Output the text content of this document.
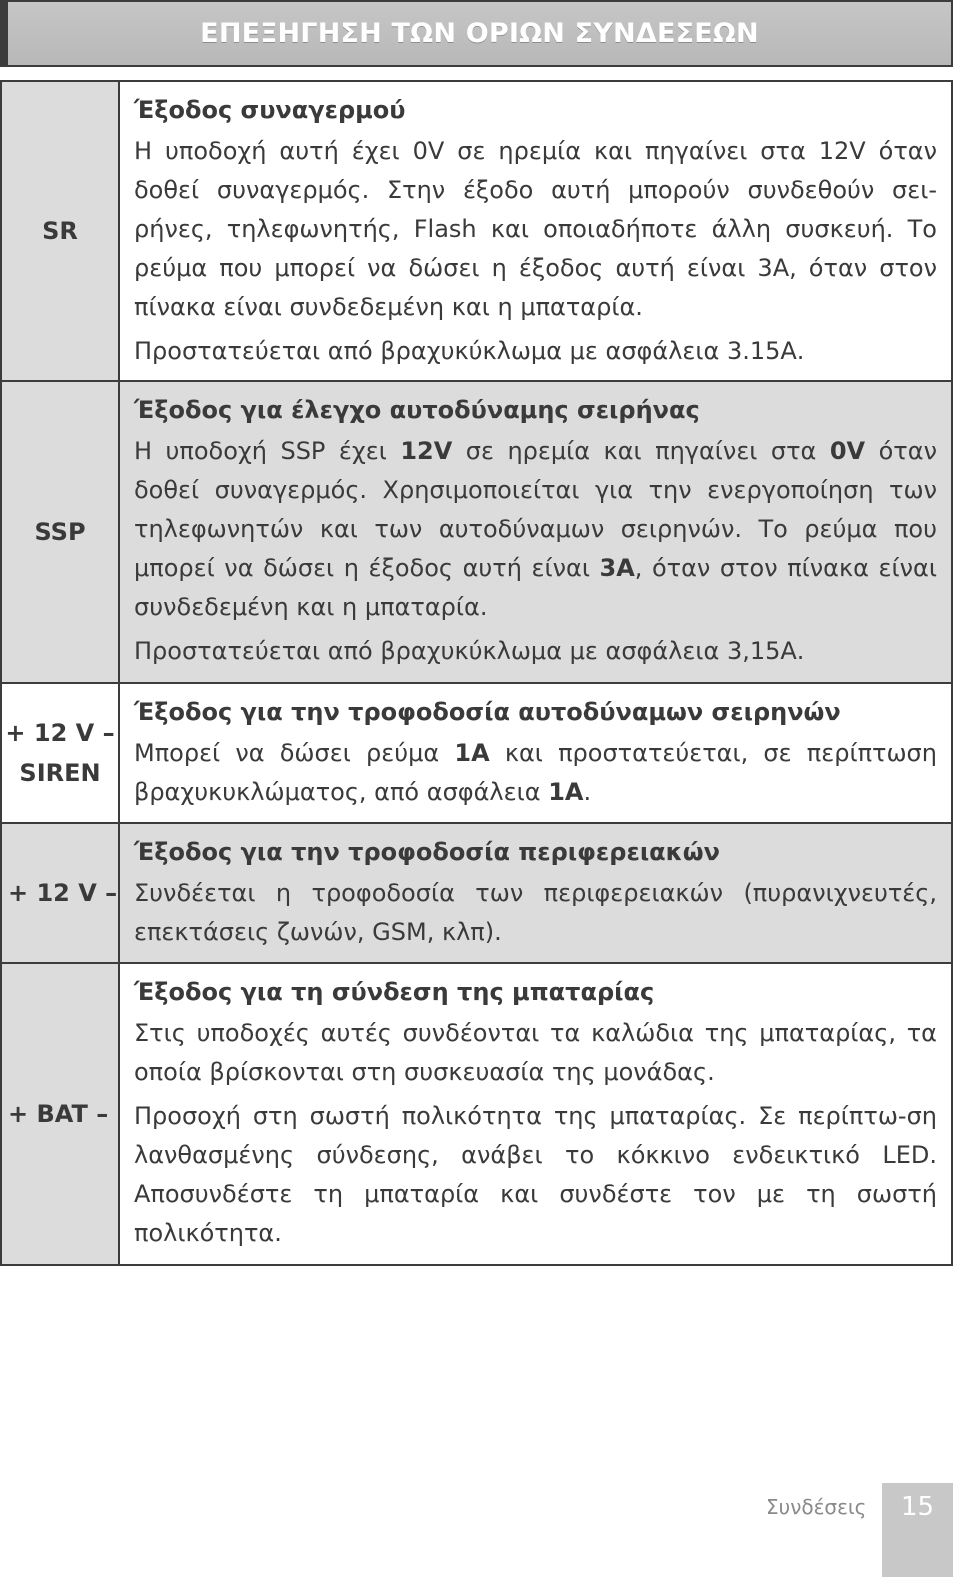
ΕΠΕΞΗΓΗΣΗ ΤΩΝ ΟΡΙΩΝ ΣΥΝΔΕΣΕΩΝ
SR
Έξοδος συναγερμού
Η υποδοχή αυτή έχει 0V σε ηρεμία και πηγαίνει στα 12V όταν δοθεί συναγερμός. Στην έξοδο αυτή μπορούν συνδεθούν σει-ρήνες, τηλεφωνητής, Flash και οποιαδήποτε άλλη συσκευή. Το ρεύμα που μπορεί να δώσει η έξοδος αυτή είναι 3Α, όταν στον πίνακα είναι συνδεδεμένη και η μπαταρία.
Προστατεύεται από βραχυκύκλωμα με ασφάλεια 3.15Α.
SSP
Έξοδος για έλεγχο αυτοδύναμης σειρήνας
Η υποδοχή SSP έχει 12V σε ηρεμία και πηγαίνει στα 0V όταν δοθεί συναγερμός. Χρησιμοποιείται για την ενεργοποίηση των τηλεφωνητών και των αυτοδύναμων σειρηνών. Το ρεύμα που μπορεί να δώσει η έξοδος αυτή είναι 3Α, όταν στον πίνακα είναι συνδεδεμένη και η μπαταρία.
Προστατεύεται από βραχυκύκλωμα με ασφάλεια 3,15Α.
+ 12 V –
SIREN
Έξοδος για την τροφοδοσία αυτοδύναμων σειρηνών
Μπορεί να δώσει ρεύμα 1Α και προστατεύεται, σε περίπτωση βραχυκυκλώματος, από ασφάλεια 1Α.
+ 12 V –
Έξοδος για την τροφοδοσία περιφερειακών
Συνδέεται η τροφοδοσία των περιφερειακών (πυρανιχνευτές, επεκτάσεις ζωνών, GSM, κλπ).
+ BAT –
Έξοδος για τη σύνδεση της μπαταρίας
Στις υποδοχές αυτές συνδέονται τα καλώδια της μπαταρίας, τα οποία βρίσκονται στη συσκευασία της μονάδας.
Προσοχή στη σωστή πολικότητα της μπαταρίας. Σε περίπτω-ση λανθασμένης σύνδεσης, ανάβει το κόκκινο ενδεικτικό LED. Αποσυνδέστε τη μπαταρία και συνδέστε τον με τη σωστή πολικότητα.
Συνδέσεις 15
